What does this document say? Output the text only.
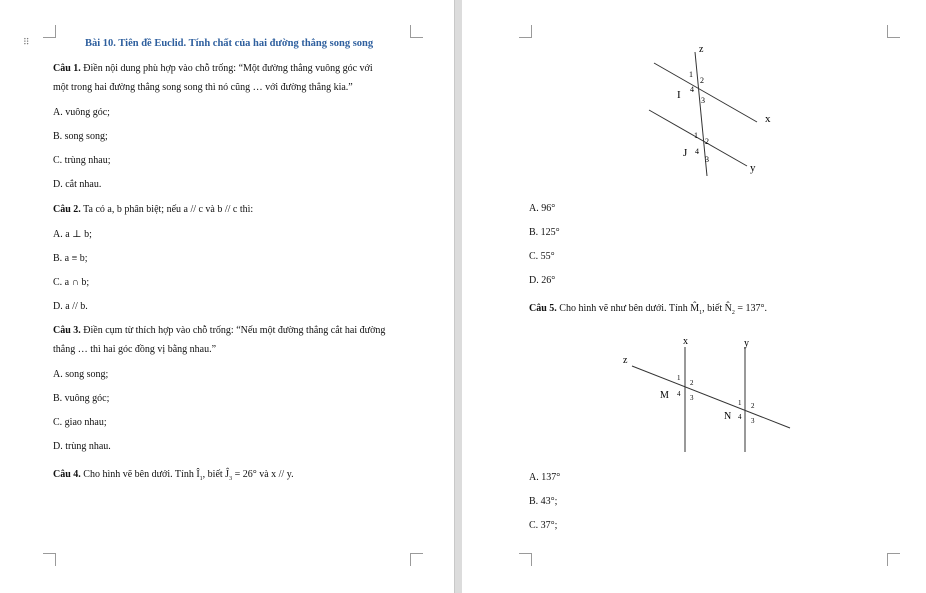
⠿	Bài 10. Tiên đề Euclid. Tính chất của hai đường thẳng song song
Câu 1. Điền nội dung phù hợp vào chỗ trống: “Một đường thẳng vuông góc với
một trong hai đường thẳng song song thì nó cũng … với đường thẳng kia.”
A. vuông góc;
B. song song;
C. trùng nhau;
D. cắt nhau.
Câu 2. Ta có a, b phân biệt; nếu a // c và b // c thì:
A. a ⊥ b;
B. a ≡ b;
C. a ∩ b;
D. a // b.
Câu 3. Điền cụm từ thích hợp vào chỗ trống: “Nếu một đường thẳng cắt hai đường
thẳng … thì hai góc đồng vị bằng nhau.”
A. song song;
B. vuông góc;
C. giao nhau;
D. trùng nhau.
Câu 4. Cho hình vẽ bên dưới. Tính $Î_1$, biết $Ĵ_3 = 26^\circ$ và x // y.
z
x
y
I
J
1
2
4
3
1
2
4
3
A. 96°
B. 125°
C. 55°
D. 26°
Câu 5. Cho hình vẽ như bên dưới. Tính $M̂_1$, biết $N̂_2 = 137^\circ$.
x	y
z
M
N
1
2
4 3
1 2
4 3
A. 137°
B. 43°;
C. 37°;
